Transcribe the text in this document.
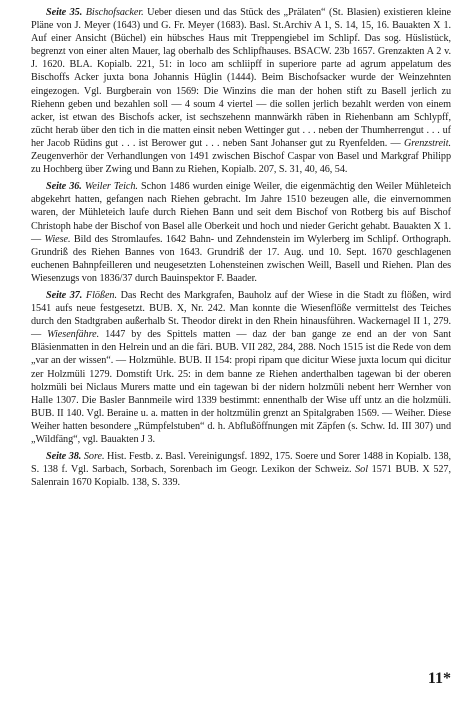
Seite 35. Bischofsacker. Ueber diesen und das Stück des „Prälaten“ (St. Blasien) existieren kleine Pläne von J. Meyer (1643) und G. Fr. Meyer (1683). Basl. St.Archiv A 1, S. 14, 15, 16. Bauakten X 1. Auf einer Ansicht (Büchel) ein hübsches Haus mit Treppengiebel im Schlipf. Das sog. Hüslistück, begrenzt von einer alten Mauer, lag oberhalb des Schlipfhauses. BSACW. 23b 1657. Grenzakten A 2 v. J. 1620. BLA. Kopialb. 221, 51: in loco am schliipff in superiore parte ad agrum appelatum des Bischoffs Acker juxta bona Johannis Hüglin (1444). Beim Bischofsacker wurde der Weinzehnten eingezogen. Vgl. Burgberain von 1569: Die Winzins die man der hohen stift zu Basell jerlich zu Riehenn geben und bezahlen soll — 4 soum 4 viertel — die sollen jerlich bezahlt werden von einem acker, ist etwan des Bischofs acker, ist sechszehenn mannwärkh räben in Riehenbann am Schlypff, zücht herab über den tich in die matten einsit neben Wettinger gut . . . neben der Thumherrengut . . . uf her Jacob Rüdins gut . . . ist Berower gut . . . neben Sant Johanser gut zu Ryenfelden. — Grenzstreit. Zeugenverhör der Verhandlungen von 1491 zwischen Bischof Caspar von Basel und Markgraf Philipp zu Hochberg über Zwing und Bann zu Riehen, Kopialb. 207, S. 31, 40, 46, 54.

Seite 36. Weiler Teich. Schon 1486 wurden einige Weiler, die eigenmächtig den Weiler Mühleteich abgekehrt hatten, gefangen nach Riehen gebracht. Im Jahre 1510 bezeugen alle, die einvernommen waren, der Mühleteich laufe durch Riehen Bann und seit dem Bischof von Rotberg bis auf Bischof Christoph habe der Bischof von Basel alle Oberkeit und hoch und nieder Gericht gehabt. Bauakten X 1. — Wiese. Bild des Stromlaufes. 1642 Bahn- und Zehndenstein im Wylerberg im Schlipf. Orthograph. Grundriß des Riehen Bannes von 1643. Grundriß der 17. Aug. und 10. Sept. 1670 geschlagenen euchenen Bahnpfeilleren und neugesetzten Lohensteinen zwischen Weill, Basell und Riehen. Plan des Wiesenzugs von 1836/37 durch Bauinspektor F. Baader.

Seite 37. Flößen. Das Recht des Markgrafen, Bauholz auf der Wiese in die Stadt zu flößen, wird 1541 aufs neue festgesetzt. BUB. X, Nr. 242. Man konnte die Wiesenflöße vermittelst des Teiches durch den Stadtgraben außerhalb St. Theodor direkt in den Rhein hinausführen. Wackernagel II 1, 279. — Wiesenfähre. 1447 by des Spittels matten — daz der ban gange ze end an der von Sant Bläsienmatten in den Helrein und an die färi. BUB. VII 282, 284, 288. Noch 1515 ist die Rede von dem „var an der wissen“. — Holzmühle. BUB. II 154: propi ripam que dicitur Wiese juxta locum qui dicitur zer Holzmüli 1279. Domstift Urk. 25: in dem banne ze Riehen anderthalben tagewan bi der oberen holzmüli bei Niclaus Murers matte und ein tagewan bi der nidern holzmüli nebent herr Wernher von Halle 1307. Die Basler Bannmeile wird 1339 bestimmt: ennenthalb der Wise uff untz an die holzmüli. BUB. II 140. Vgl. Beraine u. a. matten in der holtzmülin grenzt an Spitalgraben 1569. — Weiher. Diese Weiher hatten besondere „Rümpfelstuben“ d. h. Abflußöffnungen mit Zäpfen (s. Schw. Id. III 307) und „Wildfäng“, vgl. Bauakten J 3.

Seite 38. Sore. Hist. Festb. z. Basl. Vereinigungsf. 1892, 175. Soere und Sorer 1488 in Kopialb. 138, S. 138 f. Vgl. Sarbach, Sorbach, Sorenbach im Geogr. Lexikon der Schweiz. Sol 1571 BUB. X 527, Salenrain 1670 Kopialb. 138, S. 339.

11*
